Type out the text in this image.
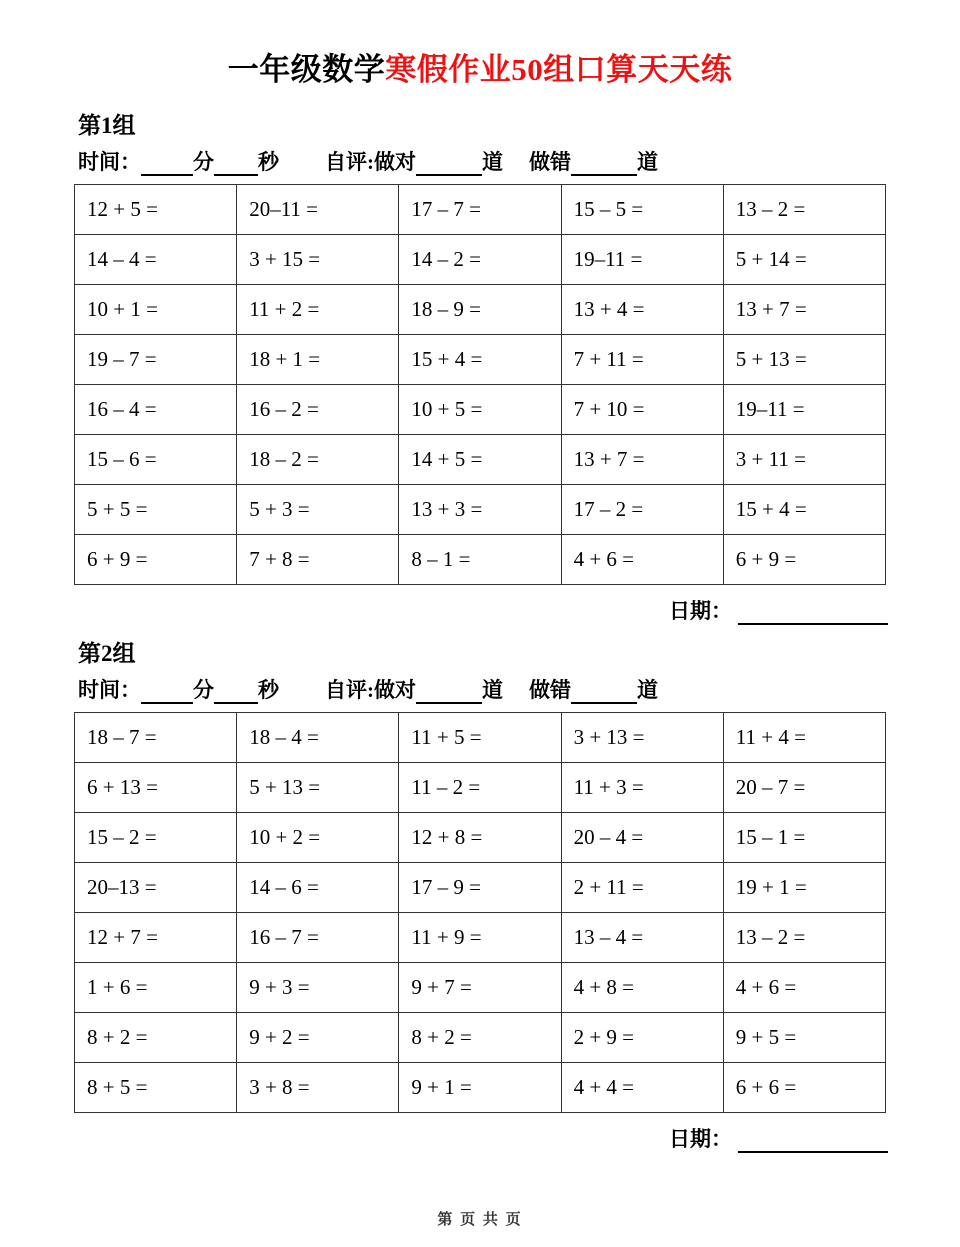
一年级数学寒假作业50组口算天天练
第1组
时间： 分 秒 自评: 做对	道 做错	道
12 + 5 =	20–11 =	17 – 7 =	15 – 5 =	13 – 2 =
14 – 4 =	3 + 15 =	14 – 2 =	19–11 =	5 + 14 =
10 + 1 =	11 + 2 =	18 – 9 =	13 + 4 =	13 + 7 =
19 – 7 =	18 + 1 =	15 + 4 =	7 + 11 =	5 + 13 =
16 – 4 =	16 – 2 =	10 + 5 =	7 + 10 =	19–11 =
15 – 6 =	18 – 2 =	14 + 5 =	13 + 7 =	3 + 11 =
5 + 5 =	5 + 3 =	13 + 3 =	17 – 2 =	15 + 4 =
6 + 9 =	7 + 8 =	8 – 1 =	4 + 6 =	6 + 9 =
日期：
第2组
时间： 分 秒 自评: 做对	道 做错	道
18 – 7 =	18 – 4 =	11 + 5 =	3 + 13 =	11 + 4 =
6 + 13 =	5 + 13 =	11 – 2 =	11 + 3 =	20 – 7 =
15 – 2 =	10 + 2 =	12 + 8 =	20 – 4 =	15 – 1 =
20–13 =	14 – 6 =	17 – 9 =	2 + 11 =	19 + 1 =
12 + 7 =	16 – 7 =	11 + 9 =	13 – 4 =	13 – 2 =
1 + 6 =	9 + 3 =	9 + 7 =	4 + 8 =	4 + 6 =
8 + 2 =	9 + 2 =	8 + 2 =	2 + 9 =	9 + 5 =
8 + 5 =	3 + 8 =	9 + 1 =	4 + 4 =	6 + 6 =
日期：
第 页 共 页
